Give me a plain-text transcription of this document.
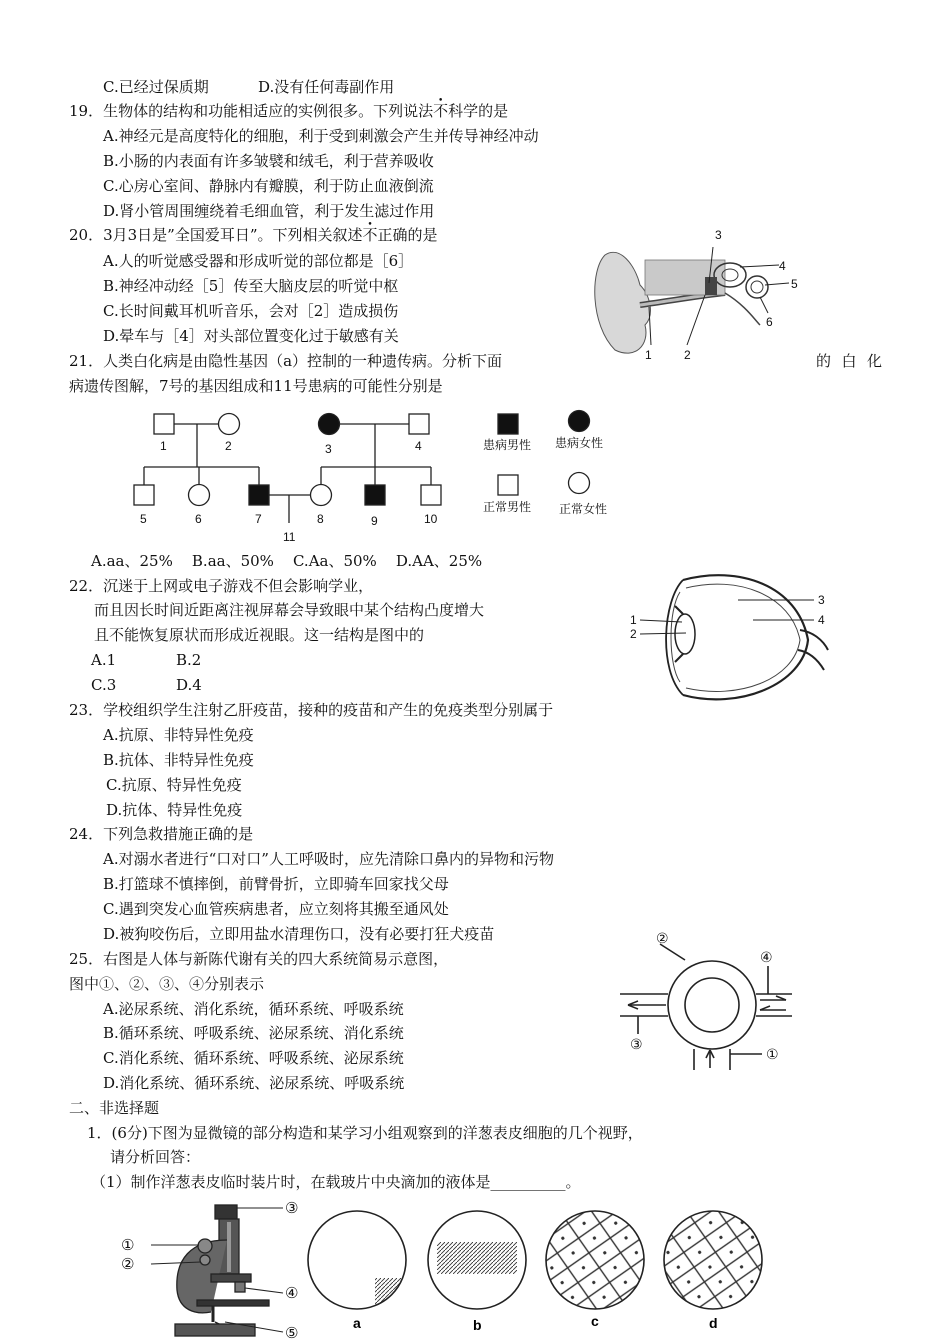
C.已经过保质期	D.没有任何毒副作用
19．生物体的结构和功能相适应的实例很多。下列说法不科学的是
A.神经元是高度特化的细胞，利于受到刺激会产生并传导神经冲动
B.小肠的内表面有许多皱襞和绒毛，利于营养吸收
C.心房心室间、静脉内有瓣膜，利于防止血液倒流
D.肾小管周围缠绕着毛细血管，利于发生滤过作用
20．3月3日是”全国爱耳日”。下列相关叙述不正确的是
A.人的听觉感受器和形成听觉的部位都是［6］
B.神经冲动经［5］传至大脑皮层的听觉中枢
C.长时间戴耳机听音乐，会对［2］造成损伤
D.晕车与［4］对头部位置变化过于敏感有关
3
4
5
6
1	2
21．人类白化病是由隐性基因（a）控制的一种遗传病。分析下面	的白化
病遗传图解，7号的基因组成和11号患病的可能性分别是
1	2	3	4
5	6	7	8	9	10
11
患病男性 患病女性
正常男性 正常女性
A.aa、25%    B.aa、50%    C.Aa、50%    D.AA、25%
22．沉迷于上网或电子游戏不但会影响学业，
而且因长时间近距离注视屏幕会导致眼中某个结构凸度增大
且不能恢复原状而形成近视眼。这一结构是图中的
A.1	B.2
C.3	D.4
1
2
3
4
23．学校组织学生注射乙肝疫苗，接种的疫苗和产生的免疫类型分别属于
A.抗原、非特异性免疫
B.抗体、非特异性免疫
C.抗原、特异性免疫
D.抗体、特异性免疫
24．下列急救措施正确的是
A.对溺水者进行“口对口”人工呼吸时，应先清除口鼻内的异物和污物
B.打篮球不慎摔倒，前臂骨折，立即骑车回家找父母
C.遇到突发心血管疾病患者，应立刻将其搬至通风处
D.被狗咬伤后，立即用盐水清理伤口，没有必要打狂犬疫苗
25．右图是人体与新陈代谢有关的四大系统简易示意图，
图中①、②、③、④分别表示
A.泌尿系统、消化系统，循环系统、呼吸系统
B.循环系统、呼吸系统、泌尿系统、消化系统
C.消化系统、循环系统、呼吸系统、泌尿系统
D.消化系统、循环系统、泌尿系统、呼吸系统
②
④
③
①
二、非选择题
1．(6分)下图为显微镜的部分构造和某学习小组观察到的洋葱表皮细胞的几个视野，
请分析回答：
（1）制作洋葱表皮临时装片时，在载玻片中央滴加的液体是__________。
①
②
③
④
⑤
a	b	c	d
